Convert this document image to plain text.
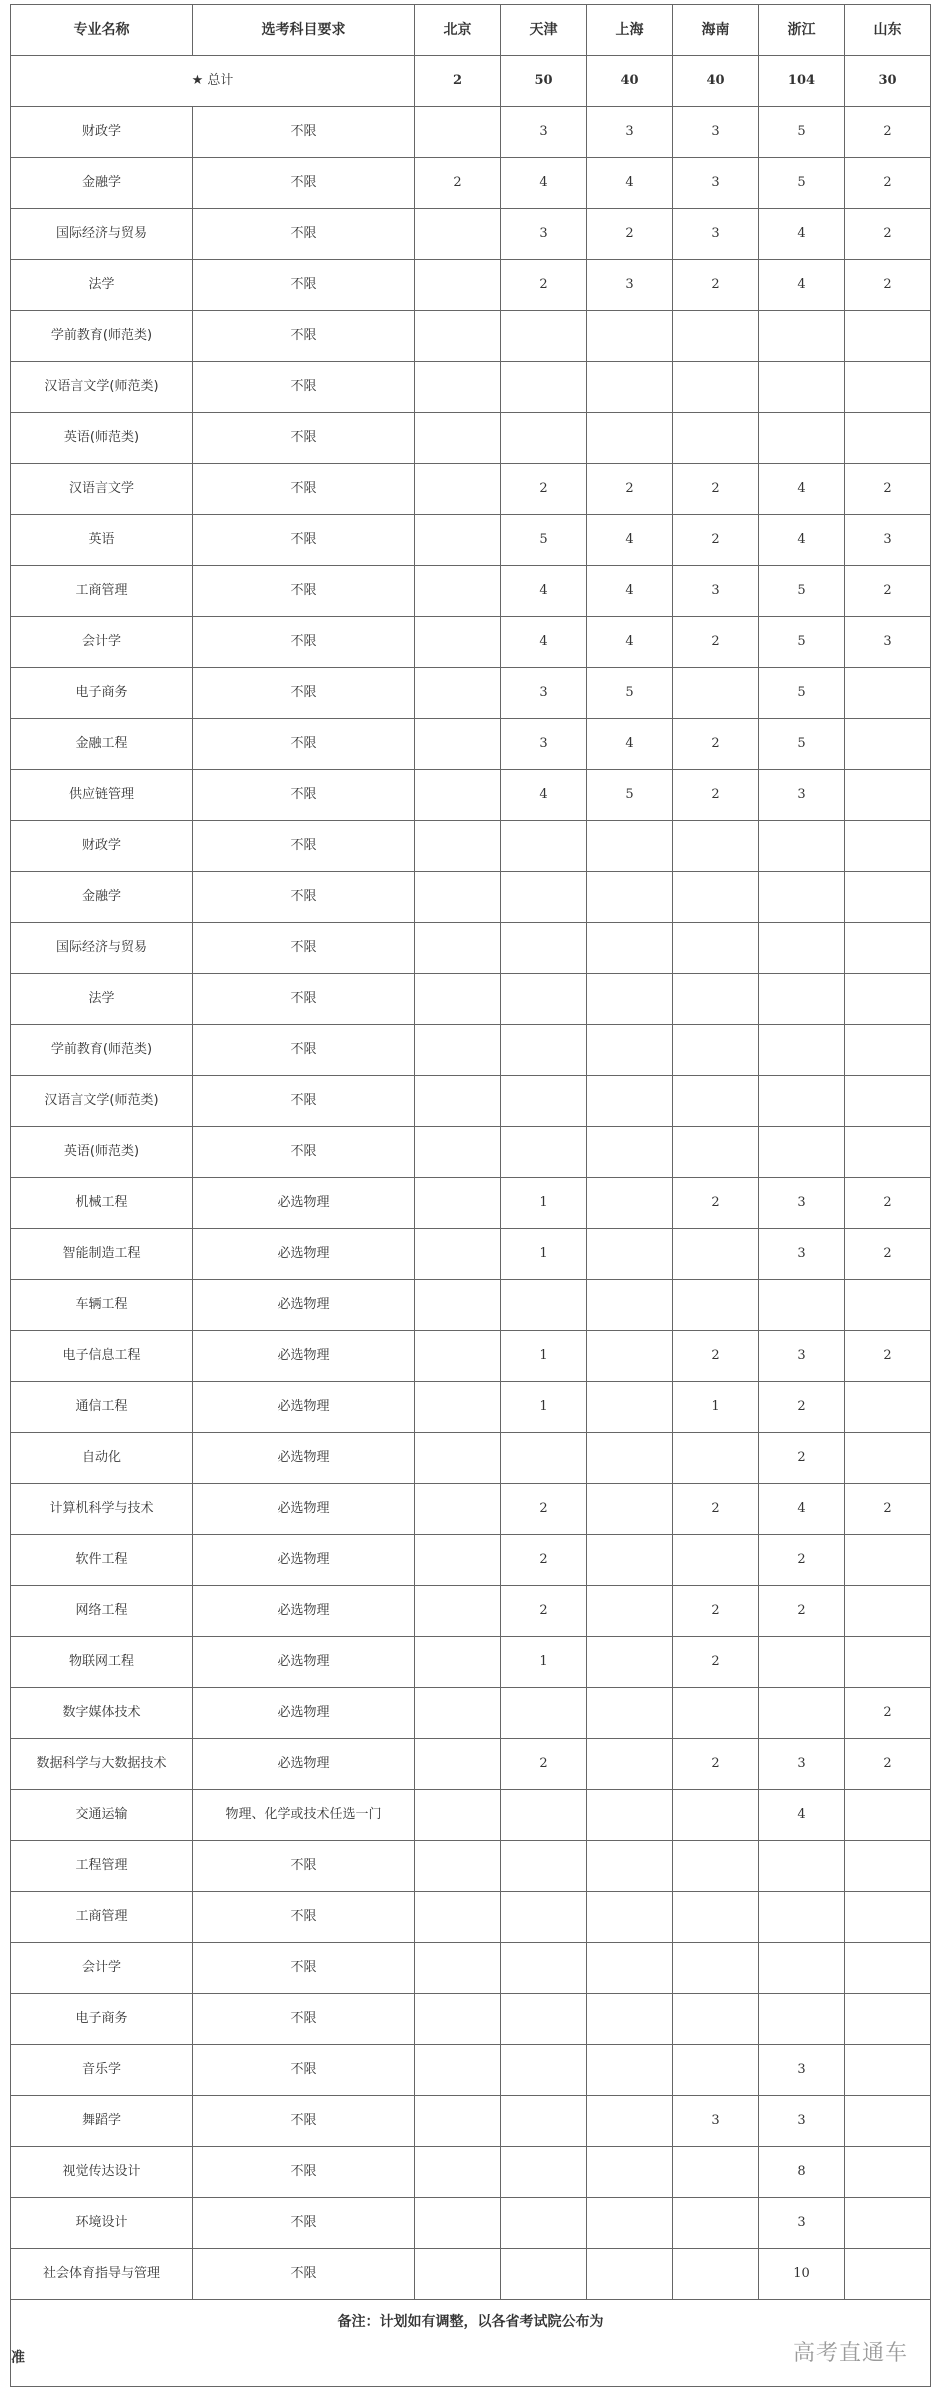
专业名称	选考科目要求	北京	天津	上海	海南	浙江	山东
★ 总计		2	50	40	40	104	30
财政学	不限		3	3	3	5	2
金融学	不限	2	4	4	3	5	2
国际经济与贸易	不限		3	2	3	4	2
法学	不限		2	3	2	4	2
学前教育(师范类)	不限						
汉语言文学(师范类)	不限						
英语(师范类)	不限						
汉语言文学	不限		2	2	2	4	2
英语	不限		5	4	2	4	3
工商管理	不限		4	4	3	5	2
会计学	不限		4	4	2	5	3
电子商务	不限		3	5		5	
金融工程	不限		3	4	2	5	
供应链管理	不限		4	5	2	3	
财政学	不限						
金融学	不限						
国际经济与贸易	不限						
法学	不限						
学前教育(师范类)	不限						
汉语言文学(师范类)	不限						
英语(师范类)	不限						
机械工程	必选物理		1		2	3	2
智能制造工程	必选物理		1			3	2
车辆工程	必选物理						
电子信息工程	必选物理		1		2	3	2
通信工程	必选物理		1		1	2	
自动化	必选物理					2	
计算机科学与技术	必选物理		2		2	4	2
软件工程	必选物理		2			2	
网络工程	必选物理		2		2	2	
物联网工程	必选物理		1		2		
数字媒体技术	必选物理						2
数据科学与大数据技术	必选物理		2		2	3	2
交通运输	物理、化学或技术任选一门					4	
工程管理	不限						
工商管理	不限						
会计学	不限						
电子商务	不限						
音乐学	不限					3	
舞蹈学	不限				3	3	
视觉传达设计	不限					8	
环境设计	不限					3	
社会体育指导与管理	不限					10	

备注：计划如有调整，以各省考试院公布为
准 高考直通车							
